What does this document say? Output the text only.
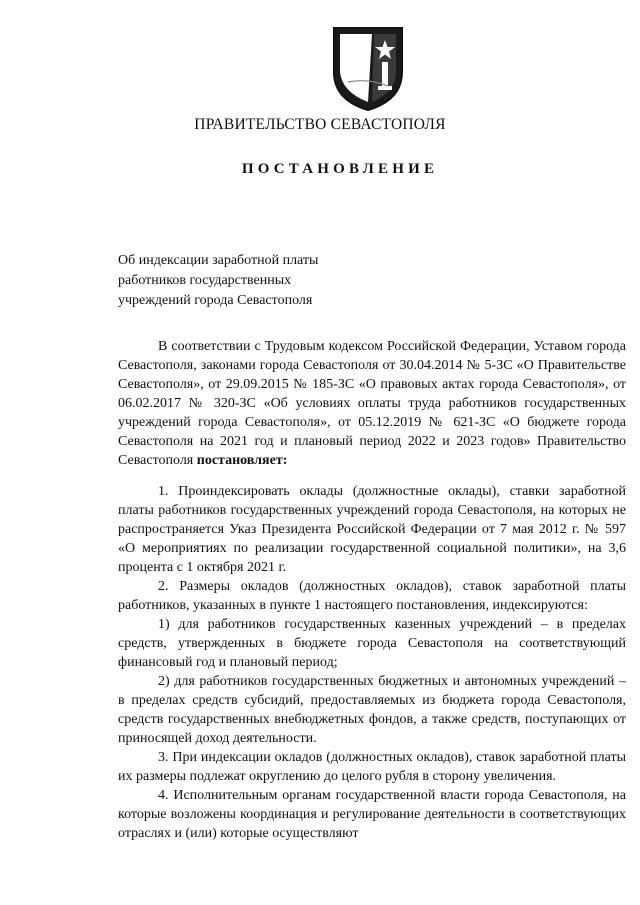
ПРАВИТЕЛЬСТВО СЕВАСТОПОЛЯ
ПОСТАНОВЛЕНИЕ
Об индексации заработной платы
работников государственных
учреждений города Севастополя

В соответствии с Трудовым кодексом Российской Федерации, Уставом города Севастополя, законами города Севастополя от 30.04.2014 № 5-ЗС «О Правительстве Севастополя», от 29.09.2015 № 185-ЗС «О правовых актах города Севастополя», от 06.02.2017 № 320-ЗС «Об условиях оплаты труда работников государственных учреждений города Севастополя», от 05.12.2019 № 621-ЗС «О бюджете города Севастополя на 2021 год и плановый период 2022 и 2023 годов» Правительство Севастополя постановляет:

1. Проиндексировать оклады (должностные оклады), ставки заработной платы работников государственных учреждений города Севастополя, на которых не распространяется Указ Президента Российской Федерации от 7 мая 2012 г. № 597 «О мероприятиях по реализации государственной социальной политики», на 3,6 процента с 1 октября 2021 г.

2. Размеры окладов (должностных окладов), ставок заработной платы работников, указанных в пункте 1 настоящего постановления, индексируются:

1) для работников государственных казенных учреждений – в пределах средств, утвержденных в бюджете города Севастополя на соответствующий финансовый год и плановый период;

2) для работников государственных бюджетных и автономных учреждений – в пределах средств субсидий, предоставляемых из бюджета города Севастополя, средств государственных внебюджетных фондов, а также средств, поступающих от приносящей доход деятельности.

3. При индексации окладов (должностных окладов), ставок заработной платы их размеры подлежат округлению до целого рубля в сторону увеличения.

4. Исполнительным органам государственной власти города Севастополя, на которые возложены координация и регулирование деятельности в соответствующих отраслях и (или) которые осуществляют
